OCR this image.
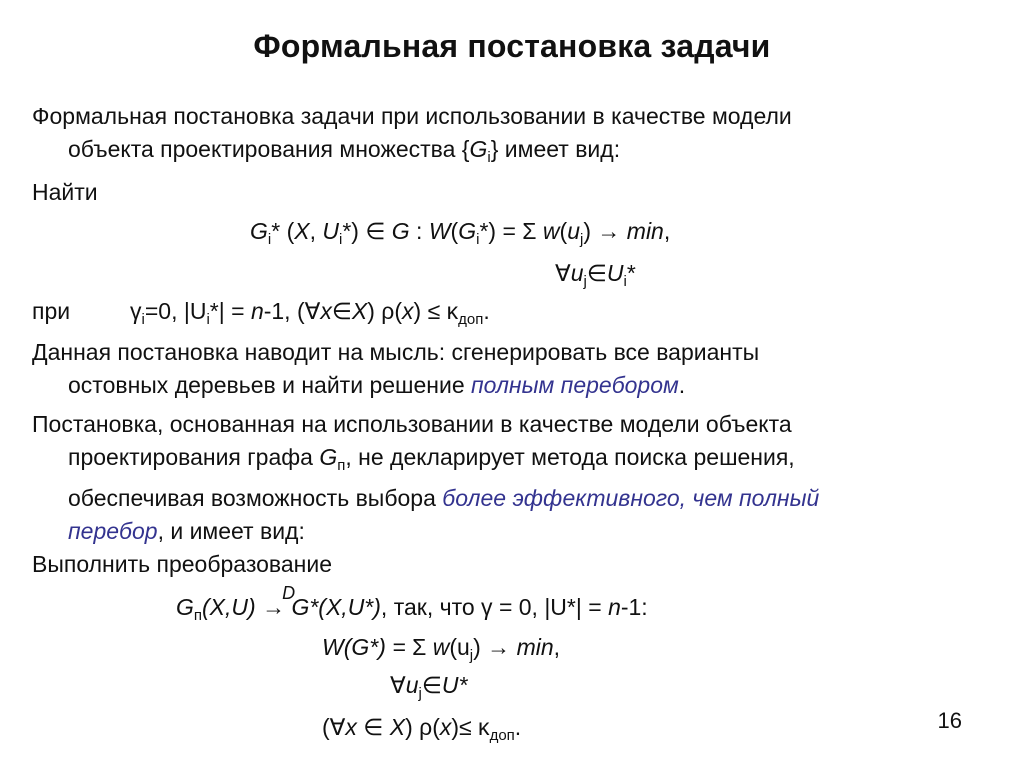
Формальная постановка задачи
Формальная постановка задачи при использовании в качестве модели
объекта проектирования множества $\{G_i\}$ имеет вид:
Найти
$G_i*$ (X, $U_i*$) ∈ G : $W(G_i*) = \Sigma$ $w(u_j) \to \min$,
$\forall u_j\in U_i*$
при	$\gamma_i=0$, $|U_i*| = n-1$, (∀x∈X) $\rho(x) \le \kappa_{доп}$.
Данная постановка наводит на мысль: сгенерировать все варианты
остовных деревьев и найти решение полным перебором.
Постановка, основанная на использовании в качестве модели объекта
проектирования графа $G_п$, не декларирует метода поиска решения,
обеспечивая возможность выбора более эффективного, чем полный
перебор, и имеет вид:
Выполнить преобразование
$G_п(X,U)$ →
D
G*(X,U*), так, что γ = 0, |U*| = n-1:
W(G*) = Σ $w(u_j) \to \min$,
$\forall u_j\in U*$
(∀x ∈ X) $\rho(x)\le \kappa_{доп}$.	16
